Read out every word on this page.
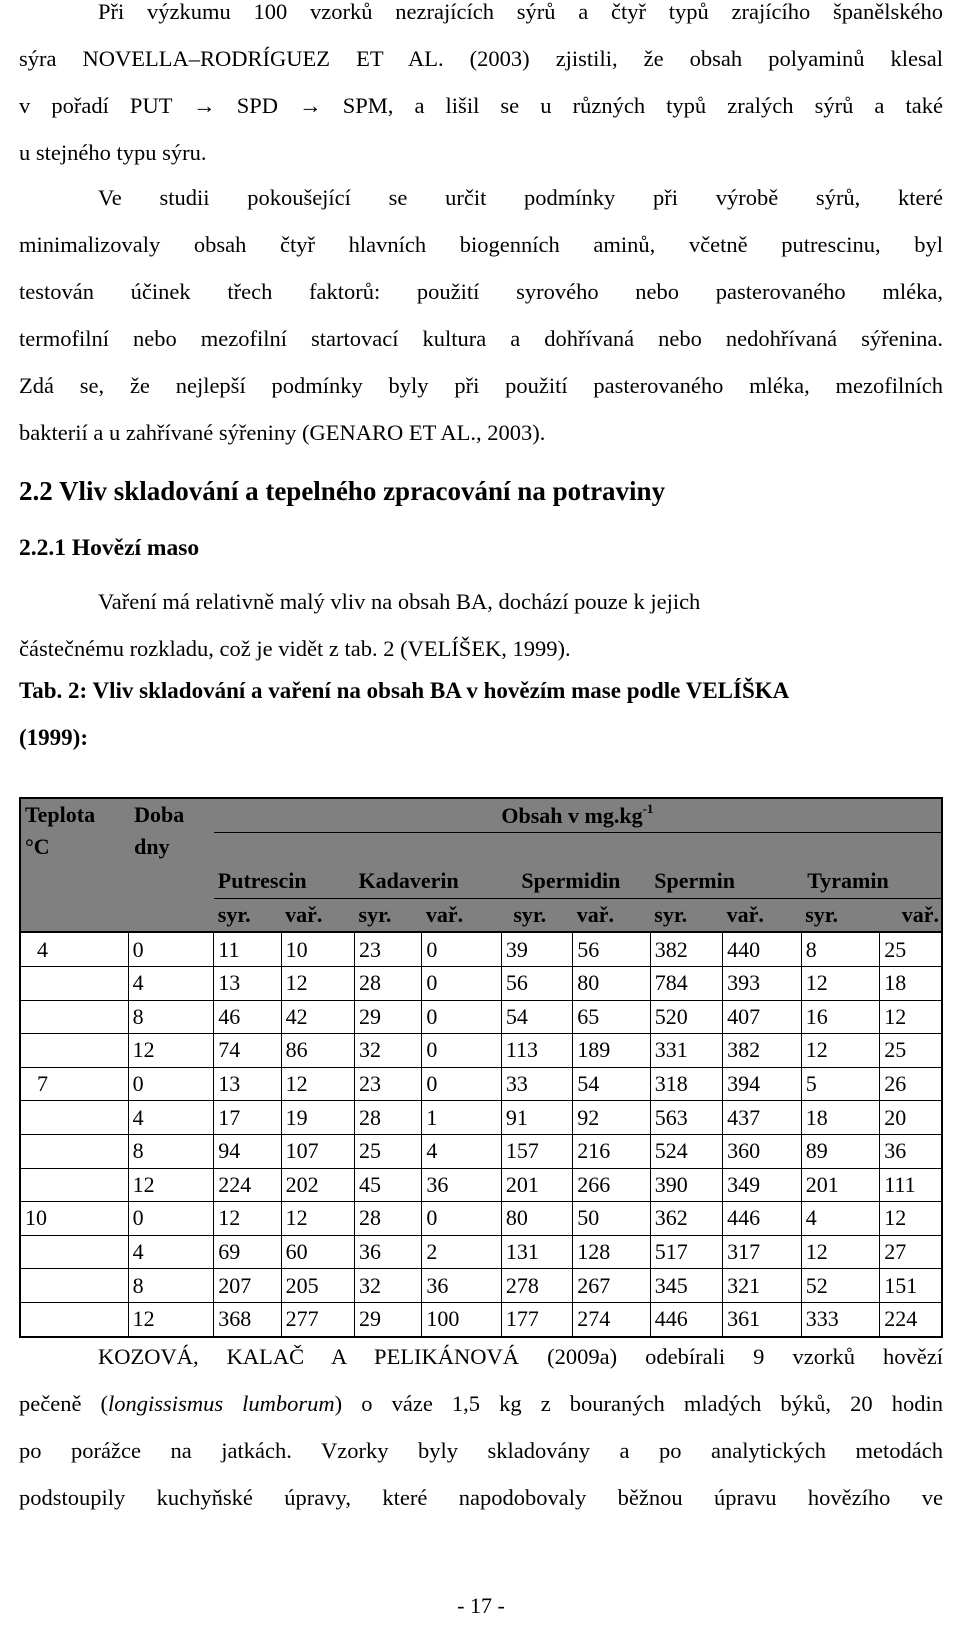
Při výzkumu 100 vzorků nezrajících sýrů a čtyř typů zrajícího španělského
sýra NOVELLA–RODRÍGUEZ ET AL. (2003) zjistili, že obsah polyaminů klesal
v pořadí PUT → SPD → SPM, a lišil se u různých typů zralých sýrů a také
u stejného typu sýru.
Ve studii pokoušející se určit podmínky při výrobě sýrů, které
minimalizovaly obsah čtyř hlavních biogenních aminů, včetně putrescinu, byl
testován účinek třech faktorů: použití syrového nebo pasterovaného mléka,
termofilní nebo mezofilní startovací kultura a dohřívaná nebo nedohřívaná sýřenina.
Zdá se, že nejlepší podmínky byly při použití pasterovaného mléka, mezofilních
bakterií a u zahřívané sýřeniny (GENARO ET AL., 2003).
2.2 Vliv skladování a tepelného zpracování na potraviny
2.2.1 Hovězí maso
Vaření má relativně malý vliv na obsah BA, dochází pouze k jejich
částečnému rozkladu, což je vidět z tab. 2 (VELÍŠEK, 1999).
Tab. 2: Vliv skladování a vaření na obsah BA v hovězím mase podle VELÍŠKA
(1999):
Teplota
°C	Doba
dny	Obsah v $mg.kg^{-1}$

		Putrescin		Kadaverin		Spermidin		Spermin		Tyramin	
		syr.	vař.	syr.	vař.	syr.	vař.	syr.	vař.	syr.	vař.
4	0	11	10	23	0	39	56	382	440	8	25
	4	13	12	28	0	56	80	784	393	12	18
	8	46	42	29	0	54	65	520	407	16	12
	12	74	86	32	0	113	189	331	382	12	25
7	0	13	12	23	0	33	54	318	394	5	26
	4	17	19	28	1	91	92	563	437	18	20
	8	94	107	25	4	157	216	524	360	89	36
	12	224	202	45	36	201	266	390	349	201	111
10	0	12	12	28	0	80	50	362	446	4	12
	4	69	60	36	2	131	128	517	317	12	27
	8	207	205	32	36	278	267	345	321	52	151
	12	368	277	29	100	177	274	446	361	333	224
KOZOVÁ, KALAČ A PELIKÁNOVÁ (2009a) odebírali 9 vzorků hovězí
pečeně (longissismus lumborum) o váze 1,5 kg z bouraných mladých býků, 20 hodin
po porážce na jatkách. Vzorky byly skladovány a po analytických metodách
podstoupily kuchyňské úpravy, které napodobovaly běžnou úpravu hovězího ve
- 17 -
